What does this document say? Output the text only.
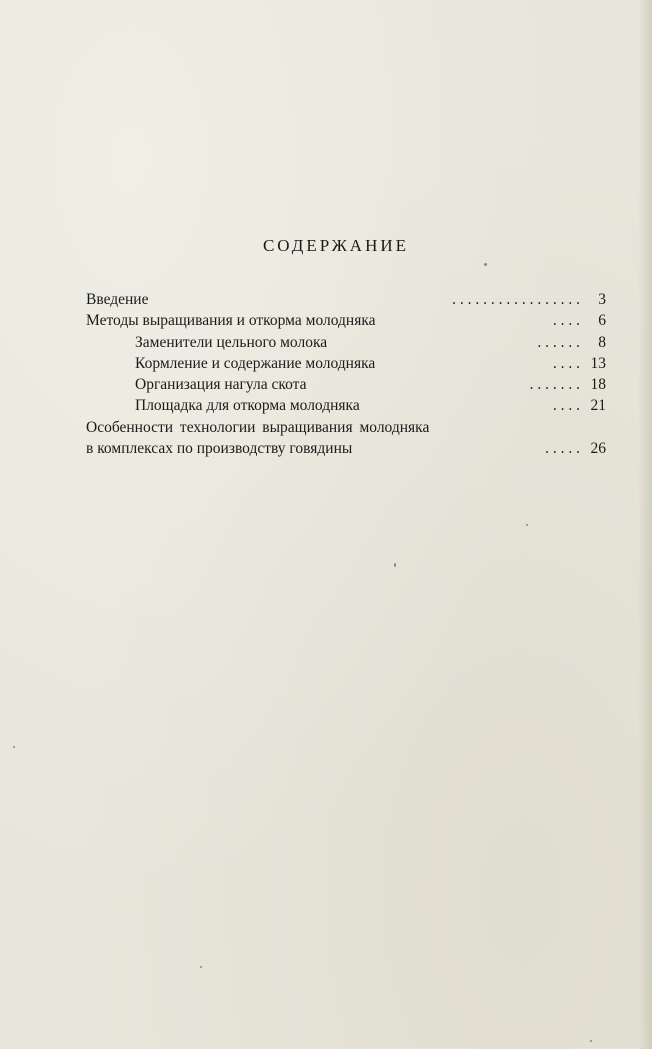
СОДЕРЖАНИЕ
Введение	. . . . . . . . . . . . . . . . . 3
Методы выращивания и откорма молодняка	. . . . 6
Заменители цельного молока	. . . . . . 8
Кормление и содержание молодняка	. . . . 13
Организация нагула скота	. . . . . . . 18
Площадка для откорма молодняка	. . . . 21
Особенности технологии выращивания молодняка
в комплексах по производству говядины	. . . . . 26
